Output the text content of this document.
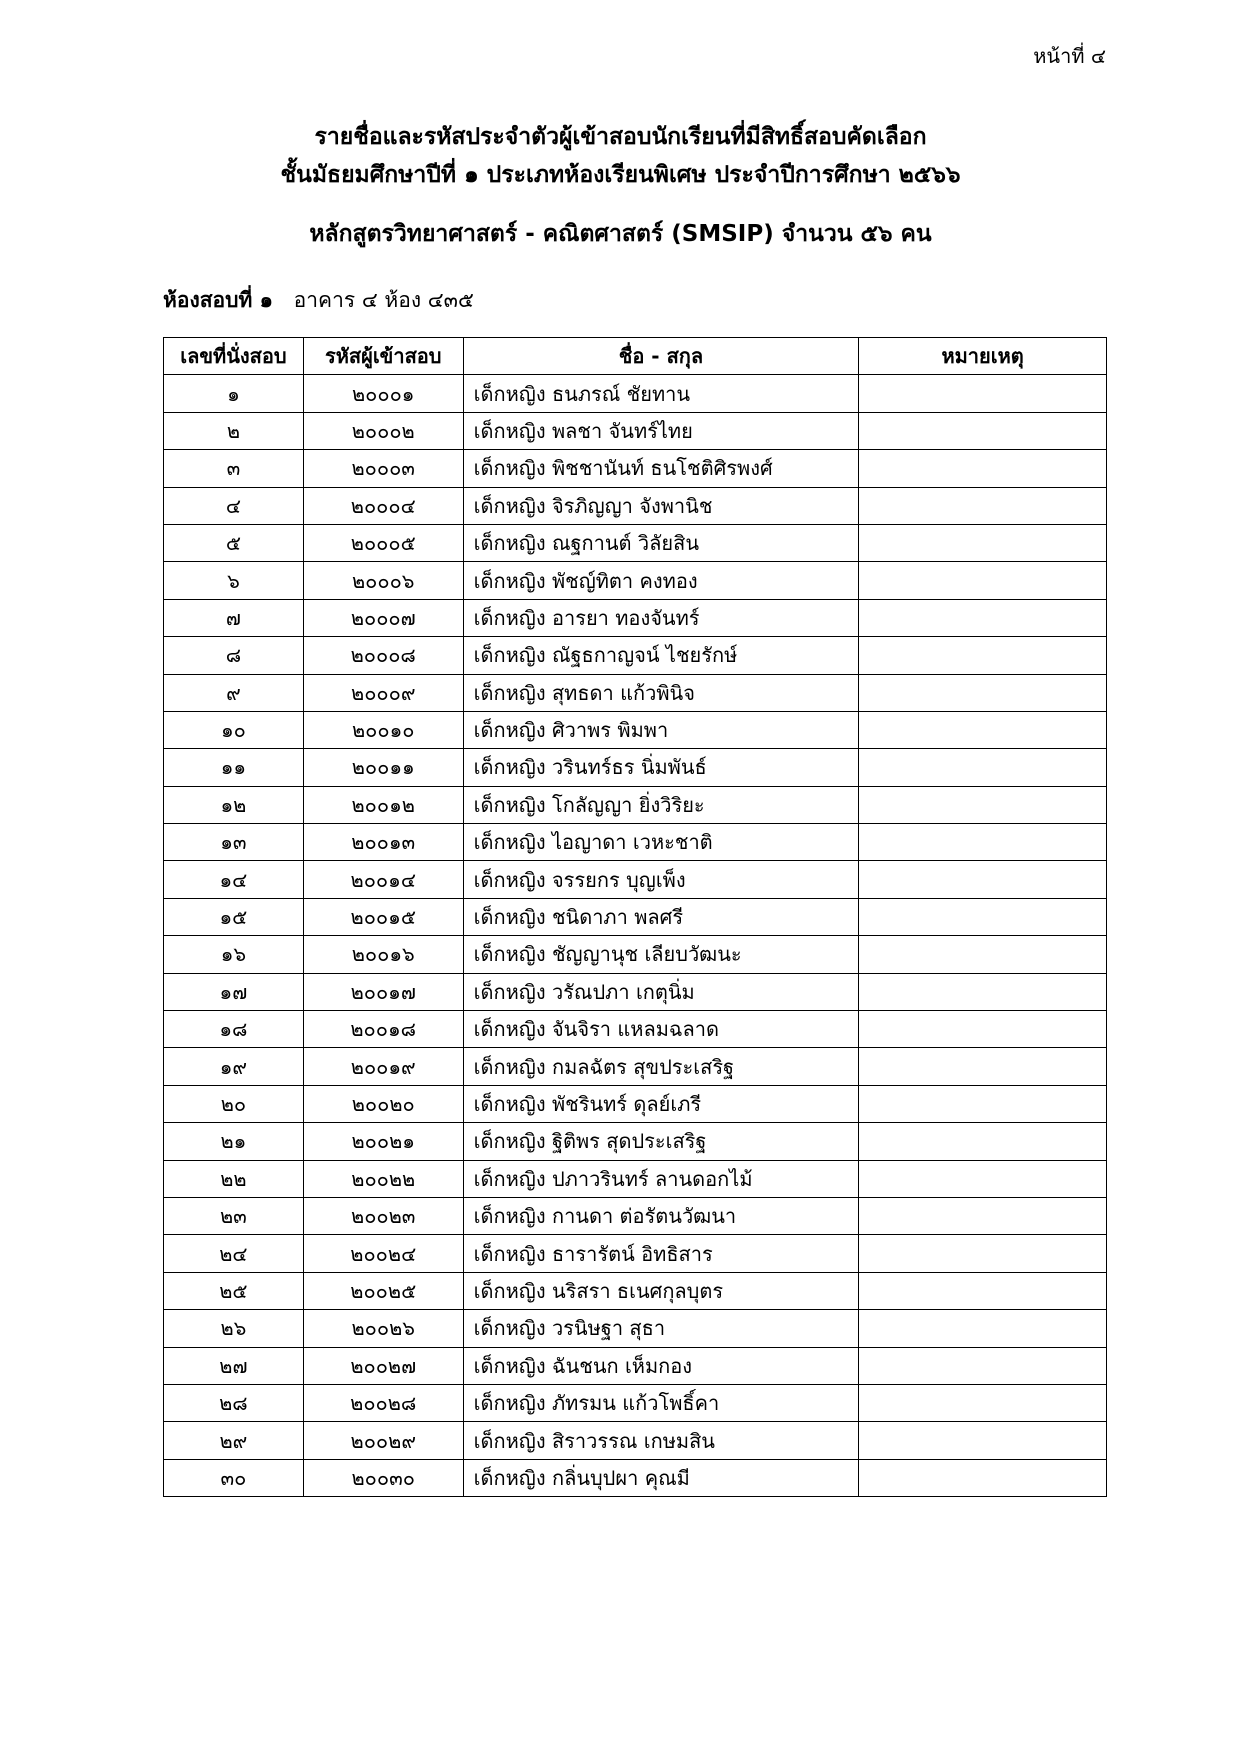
หน้าที่ ๔
รายชื่อและรหัสประจำตัวผู้เข้าสอบนักเรียนที่มีสิทธิ์สอบคัดเลือก
ชั้นมัธยมศึกษาปีที่ ๑ ประเภทห้องเรียนพิเศษ ประจำปีการศึกษา ๒๕๖๖
หลักสูตรวิทยาศาสตร์ - คณิตศาสตร์ (SMSIP) จำนวน ๕๖ คน
ห้องสอบที่ ๑ อาคาร ๔ ห้อง ๔๓๕
เลขที่นั่งสอบ	รหัสผู้เข้าสอบ	ชื่อ - สกุล	หมายเหตุ
๑	๒๐๐๐๑	เด็กหญิง ธนภรณ์ ชัยทาน	
๒	๒๐๐๐๒	เด็กหญิง พลชา จันทร์ไทย	
๓	๒๐๐๐๓	เด็กหญิง พิชชานันท์ ธนโชติศิรพงศ์	
๔	๒๐๐๐๔	เด็กหญิง จิรภิญญา จังพานิช	
๕	๒๐๐๐๕	เด็กหญิง ณฐกานต์ วิลัยสิน	
๖	๒๐๐๐๖	เด็กหญิง พัชญ์ทิตา คงทอง	
๗	๒๐๐๐๗	เด็กหญิง อารยา ทองจันทร์	
๘	๒๐๐๐๘	เด็กหญิง ณัฐธกาญจน์ ไชยรักษ์	
๙	๒๐๐๐๙	เด็กหญิง สุทธดา แก้วพินิจ	
๑๐	๒๐๐๑๐	เด็กหญิง ศิวาพร พิมพา	
๑๑	๒๐๐๑๑	เด็กหญิง วรินทร์ธร นิ่มพันธ์	
๑๒	๒๐๐๑๒	เด็กหญิง โกลัญญา ยิ่งวิริยะ	
๑๓	๒๐๐๑๓	เด็กหญิง ไอญาดา เวหะชาติ	
๑๔	๒๐๐๑๔	เด็กหญิง จรรยกร บุญเพ็ง	
๑๕	๒๐๐๑๕	เด็กหญิง ชนิดาภา พลศรี	
๑๖	๒๐๐๑๖	เด็กหญิง ชัญญานุช เลียบวัฒนะ	
๑๗	๒๐๐๑๗	เด็กหญิง วรัณปภา เกตุนิ่ม	
๑๘	๒๐๐๑๘	เด็กหญิง จันจิรา แหลมฉลาด	
๑๙	๒๐๐๑๙	เด็กหญิง กมลฉัตร สุขประเสริฐ	
๒๐	๒๐๐๒๐	เด็กหญิง พัชรินทร์ ดุลย์เภรี	
๒๑	๒๐๐๒๑	เด็กหญิง ฐิติพร สุดประเสริฐ	
๒๒	๒๐๐๒๒	เด็กหญิง ปภาวรินทร์ ลานดอกไม้	
๒๓	๒๐๐๒๓	เด็กหญิง กานดา ต่อรัตนวัฒนา	
๒๔	๒๐๐๒๔	เด็กหญิง ธารารัตน์ อิทธิสาร	
๒๕	๒๐๐๒๕	เด็กหญิง นริสรา ธเนศกุลบุตร	
๒๖	๒๐๐๒๖	เด็กหญิง วรนิษฐา สุธา	
๒๗	๒๐๐๒๗	เด็กหญิง ฉันชนก เห็มกอง	
๒๘	๒๐๐๒๘	เด็กหญิง ภัทรมน แก้วโพธิ์คา	
๒๙	๒๐๐๒๙	เด็กหญิง สิราวรรณ เกษมสิน	
๓๐	๒๐๐๓๐	เด็กหญิง กลิ่นบุปผา คุณมี	
